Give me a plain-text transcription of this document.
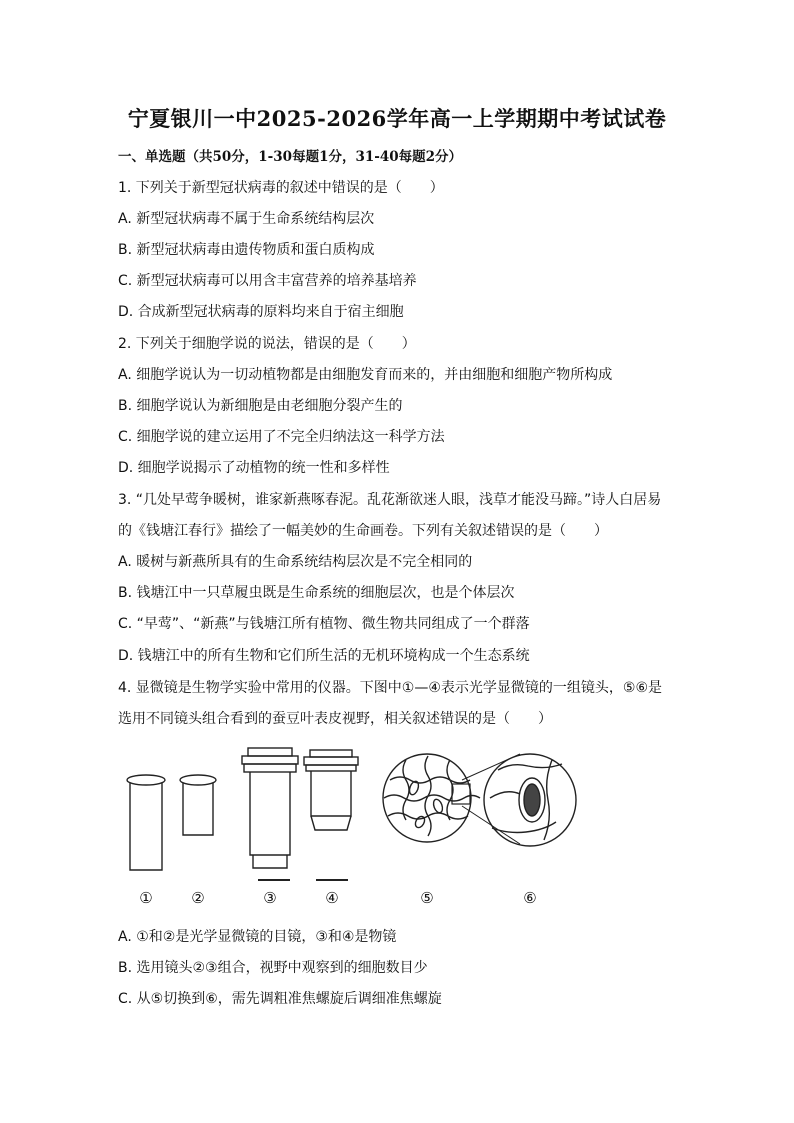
宁夏银川一中2025-2026学年高一上学期期中考试试卷
一、单选题（共50分，1-30每题1分，31-40每题2分）
1. 下列关于新型冠状病毒的叙述中错误的是（　　）
A. 新型冠状病毒不属于生命系统结构层次
B. 新型冠状病毒由遗传物质和蛋白质构成
C. 新型冠状病毒可以用含丰富营养的培养基培养
D. 合成新型冠状病毒的原料均来自于宿主细胞
2. 下列关于细胞学说的说法，错误的是（　　）
A. 细胞学说认为一切动植物都是由细胞发育而来的，并由细胞和细胞产物所构成
B. 细胞学说认为新细胞是由老细胞分裂产生的
C. 细胞学说的建立运用了不完全归纳法这一科学方法
D. 细胞学说揭示了动植物的统一性和多样性
3. “几处早莺争暖树，谁家新燕啄春泥。乱花渐欲迷人眼，浅草才能没马蹄。”诗人白居易
的《钱塘江春行》描绘了一幅美妙的生命画卷。下列有关叙述错误的是（　　）
A. 暖树与新燕所具有的生命系统结构层次是不完全相同的
B. 钱塘江中一只草履虫既是生命系统的细胞层次，也是个体层次
C. “早莺”、“新燕”与钱塘江所有植物、微生物共同组成了一个群落
D. 钱塘江中的所有生物和它们所生活的无机环境构成一个生态系统
4. 显微镜是生物学实验中常用的仪器。下图中①—④表示光学显微镜的一组镜头，⑤⑥是
选用不同镜头组合看到的蚕豆叶表皮视野，相关叙述错误的是（　　）
①	②	③	④	⑤	⑥
A. ①和②是光学显微镜的目镜，③和④是物镜
B. 选用镜头②③组合，视野中观察到的细胞数目少
C. 从⑤切换到⑥，需先调粗准焦螺旋后调细准焦螺旋
